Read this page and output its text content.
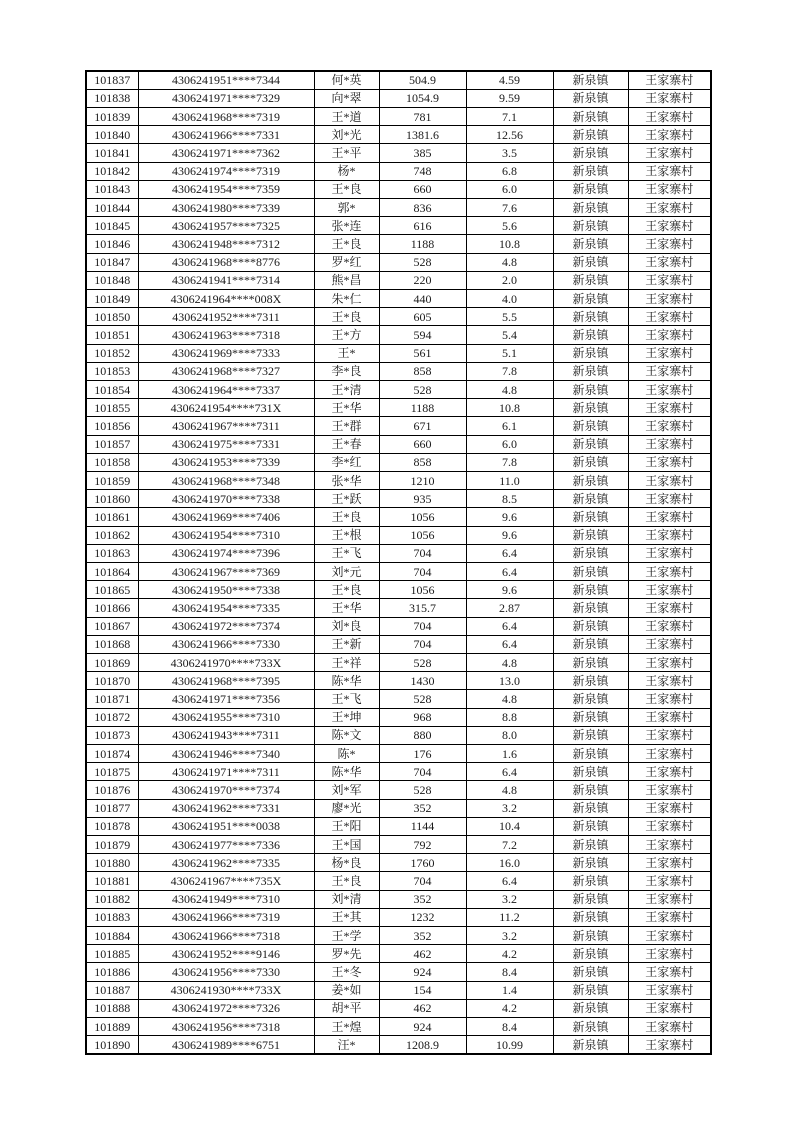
101837	4306241951****7344	何*英	504.9	4.59	新泉镇	王家寨村
101838	4306241971****7329	向*翠	1054.9	9.59	新泉镇	王家寨村
101839	4306241968****7319	王*道	781	7.1	新泉镇	王家寨村
101840	4306241966****7331	刘*光	1381.6	12.56	新泉镇	王家寨村
101841	4306241971****7362	王*平	385	3.5	新泉镇	王家寨村
101842	4306241974****7319	杨*	748	6.8	新泉镇	王家寨村
101843	4306241954****7359	王*良	660	6.0	新泉镇	王家寨村
101844	4306241980****7339	郭*	836	7.6	新泉镇	王家寨村
101845	4306241957****7325	张*连	616	5.6	新泉镇	王家寨村
101846	4306241948****7312	王*良	1188	10.8	新泉镇	王家寨村
101847	4306241968****8776	罗*红	528	4.8	新泉镇	王家寨村
101848	4306241941****7314	熊*昌	220	2.0	新泉镇	王家寨村
101849	4306241964****008X	朱*仁	440	4.0	新泉镇	王家寨村
101850	4306241952****7311	王*良	605	5.5	新泉镇	王家寨村
101851	4306241963****7318	王*方	594	5.4	新泉镇	王家寨村
101852	4306241969****7333	王*	561	5.1	新泉镇	王家寨村
101853	4306241968****7327	李*良	858	7.8	新泉镇	王家寨村
101854	4306241964****7337	王*清	528	4.8	新泉镇	王家寨村
101855	4306241954****731X	王*华	1188	10.8	新泉镇	王家寨村
101856	4306241967****7311	王*群	671	6.1	新泉镇	王家寨村
101857	4306241975****7331	王*春	660	6.0	新泉镇	王家寨村
101858	4306241953****7339	李*红	858	7.8	新泉镇	王家寨村
101859	4306241968****7348	张*华	1210	11.0	新泉镇	王家寨村
101860	4306241970****7338	王*跃	935	8.5	新泉镇	王家寨村
101861	4306241969****7406	王*良	1056	9.6	新泉镇	王家寨村
101862	4306241954****7310	王*根	1056	9.6	新泉镇	王家寨村
101863	4306241974****7396	王*飞	704	6.4	新泉镇	王家寨村
101864	4306241967****7369	刘*元	704	6.4	新泉镇	王家寨村
101865	4306241950****7338	王*良	1056	9.6	新泉镇	王家寨村
101866	4306241954****7335	王*华	315.7	2.87	新泉镇	王家寨村
101867	4306241972****7374	刘*良	704	6.4	新泉镇	王家寨村
101868	4306241966****7330	王*新	704	6.4	新泉镇	王家寨村
101869	4306241970****733X	王*祥	528	4.8	新泉镇	王家寨村
101870	4306241968****7395	陈*华	1430	13.0	新泉镇	王家寨村
101871	4306241971****7356	王*飞	528	4.8	新泉镇	王家寨村
101872	4306241955****7310	王*坤	968	8.8	新泉镇	王家寨村
101873	4306241943****7311	陈*文	880	8.0	新泉镇	王家寨村
101874	4306241946****7340	陈*	176	1.6	新泉镇	王家寨村
101875	4306241971****7311	陈*华	704	6.4	新泉镇	王家寨村
101876	4306241970****7374	刘*军	528	4.8	新泉镇	王家寨村
101877	4306241962****7331	廖*光	352	3.2	新泉镇	王家寨村
101878	4306241951****0038	王*阳	1144	10.4	新泉镇	王家寨村
101879	4306241977****7336	王*国	792	7.2	新泉镇	王家寨村
101880	4306241962****7335	杨*良	1760	16.0	新泉镇	王家寨村
101881	4306241967****735X	王*良	704	6.4	新泉镇	王家寨村
101882	4306241949****7310	刘*清	352	3.2	新泉镇	王家寨村
101883	4306241966****7319	王*其	1232	11.2	新泉镇	王家寨村
101884	4306241966****7318	王*学	352	3.2	新泉镇	王家寨村
101885	4306241952****9146	罗*先	462	4.2	新泉镇	王家寨村
101886	4306241956****7330	王*冬	924	8.4	新泉镇	王家寨村
101887	4306241930****733X	姜*如	154	1.4	新泉镇	王家寨村
101888	4306241972****7326	胡*平	462	4.2	新泉镇	王家寨村
101889	4306241956****7318	王*煌	924	8.4	新泉镇	王家寨村
101890	4306241989****6751	汪*	1208.9	10.99	新泉镇	王家寨村
